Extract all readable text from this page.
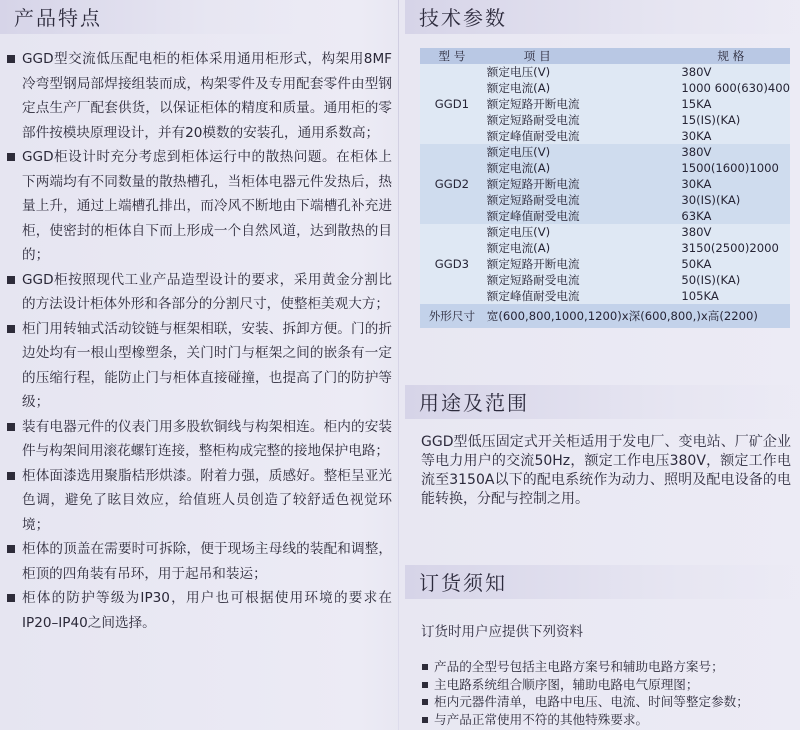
产品特点
GGD型交流低压配电柜的柜体采用通用柜形式，构架用8MF冷弯型钢局部焊接组装而成，构架零件及专用配套零件由型钢定点生产厂配套供货，以保证柜体的精度和质量。通用柜的零部件按模块原理设计，并有20模数的安装孔，通用系数高；
GGD柜设计时充分考虑到柜体运行中的散热问题。在柜体上下两端均有不同数量的散热槽孔，当柜体电器元件发热后，热量上升，通过上端槽孔排出，而冷风不断地由下端槽孔补充进柜，使密封的柜体自下而上形成一个自然风道，达到散热的目的；
GGD柜按照现代工业产品造型设计的要求，采用黄金分割比的方法设计柜体外形和各部分的分割尺寸，使整柜美观大方；
柜门用转轴式活动铰链与框架相联，安装、拆卸方便。门的折边处均有一根山型橡塑条，关门时门与框架之间的嵌条有一定的压缩行程，能防止门与柜体直接碰撞，也提高了门的防护等级；
装有电器元件的仪表门用多股软铜线与构架相连。柜内的安装件与构架间用滚花螺钉连接，整柜构成完整的接地保护电路；
柜体面漆选用聚脂桔形烘漆。附着力强，质感好。整柜呈亚光色调，避免了眩目效应，给值班人员创造了较舒适色视觉环境；
柜体的顶盖在需要时可拆除，便于现场主母线的装配和调整，柜顶的四角装有吊环，用于起吊和装运；
柜体的防护等级为IP30，用户也可根据使用环境的要求在IP20–IP40之间选择。
技术参数
型 号	项 目	规 格
GGD1	额定电压(V)	380V
	额定电流(A)	1000 600(630)400
	额定短路开断电流	15KA
	额定短路耐受电流	15(IS)(KA)
	额定峰值耐受电流	30KA
GGD2	额定电压(V)	380V
	额定电流(A)	1500(1600)1000
	额定短路开断电流	30KA
	额定短路耐受电流	30(IS)(KA)
	额定峰值耐受电流	63KA
GGD3	额定电压(V)	380V
	额定电流(A)	3150(2500)2000
	额定短路开断电流	50KA
	额定短路耐受电流	50(IS)(KA)
	额定峰值耐受电流	105KA
外形尺寸	宽(600,800,1000,1200)x深(600,800,)x高(2200)	
用途及范围
GGD型低压固定式开关柜适用于发电厂、变电站、厂矿企业等电力用户的交流50Hz，额定工作电压380V，额定工作电流至3150A以下的配电系统作为动力、照明及配电设备的电能转换，分配与控制之用。
订货须知
订货时用户应提供下列资料
产品的全型号包括主电路方案号和辅助电路方案号；
主电路系统组合顺序图，辅助电路电气原理图；
柜内元器件清单，电路中电压、电流、时间等整定参数；
与产品正常使用不符的其他特殊要求。
